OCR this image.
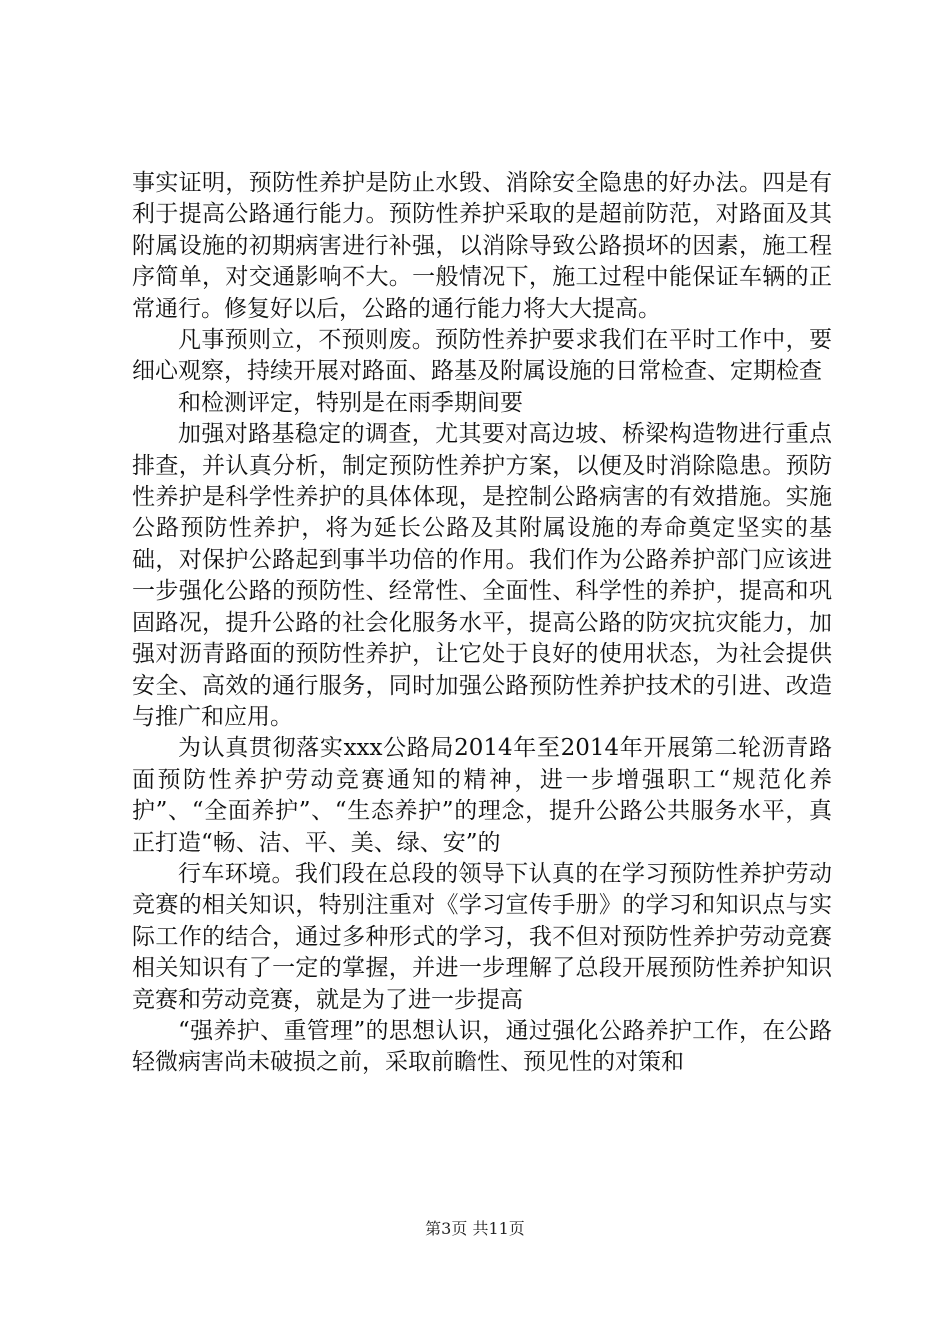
事实证明，预防性养护是防止水毁、消除安全隐患的好办法。四是有利于提高公路通行能力。预防性养护采取的是超前防范，对路面及其附属设施的初期病害进行补强，以消除导致公路损坏的因素，施工程序简单，对交通影响不大。一般情况下，施工过程中能保证车辆的正常通行。修复好以后，公路的通行能力将大大提高。

凡事预则立，不预则废。预防性养护要求我们在平时工作中，要细心观察，持续开展对路面、路基及附属设施的日常检查、定期检查

和检测评定，特别是在雨季期间要

加强对路基稳定的调查，尤其要对高边坡、桥梁构造物进行重点排查，并认真分析，制定预防性养护方案，以便及时消除隐患。预防性养护是科学性养护的具体体现，是控制公路病害的有效措施。实施公路预防性养护，将为延长公路及其附属设施的寿命奠定坚实的基础，对保护公路起到事半功倍的作用。我们作为公路养护部门应该进一步强化公路的预防性、经常性、全面性、科学性的养护，提高和巩固路况，提升公路的社会化服务水平，提高公路的防灾抗灾能力，加强对沥青路面的预防性养护，让它处于良好的使用状态，为社会提供安全、高效的通行服务，同时加强公路预防性养护技术的引进、改造与推广和应用。

为认真贯彻落实xxx公路局2014年至2014年开展第二轮沥青路面预防性养护劳动竞赛通知的精神，进一步增强职工“规范化养护”、“全面养护”、“生态养护”的理念，提升公路公共服务水平，真正打造“畅、洁、平、美、绿、安”的

行车环境。我们段在总段的领导下认真的在学习预防性养护劳动竞赛的相关知识，特别注重对《学习宣传手册》的学习和知识点与实际工作的结合，通过多种形式的学习，我不但对预防性养护劳动竞赛相关知识有了一定的掌握，并进一步理解了总段开展预防性养护知识竞赛和劳动竞赛，就是为了进一步提高

“强养护、重管理”的思想认识，通过强化公路养护工作，在公路轻微病害尚未破损之前，采取前瞻性、预见性的对策和

第3页 共11页
